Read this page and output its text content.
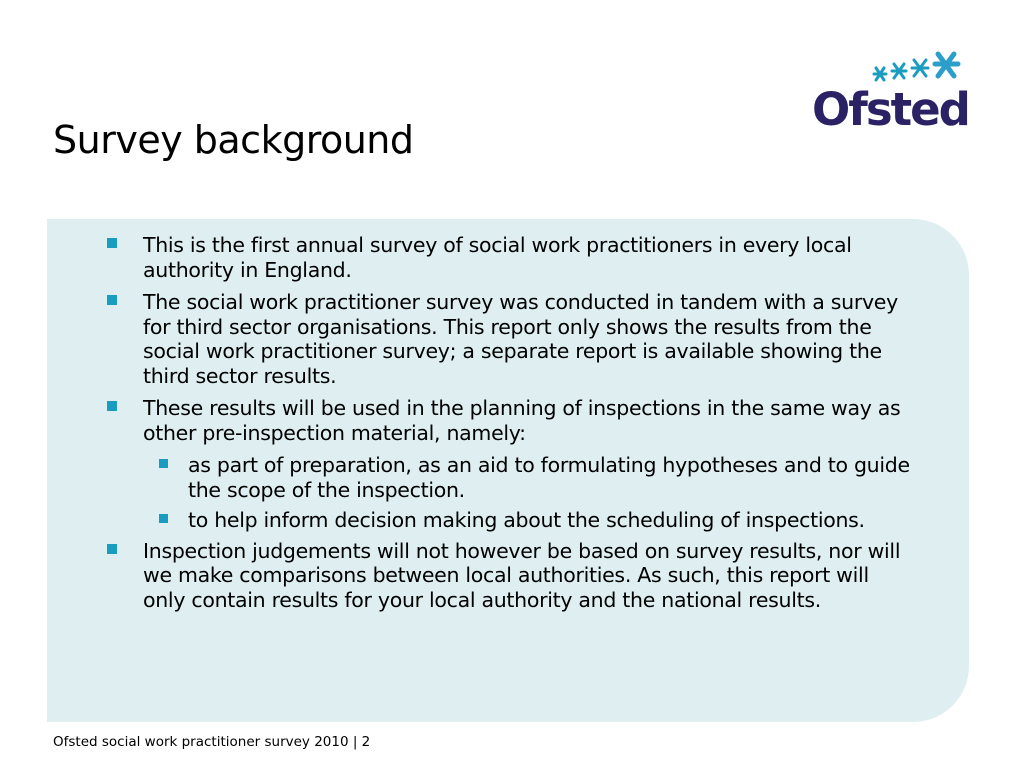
Survey background
Ofsted
This is the first annual survey of social work practitioners in every local authority in England.
The social work practitioner survey was conducted in tandem with a survey for third sector organisations. This report only shows the results from the social work practitioner survey; a separate report is available showing the third sector results.
These results will be used in the planning of inspections in the same way as other pre-inspection material, namely:
as part of preparation, as an aid to formulating hypotheses and to guide the scope of the inspection.
to help inform decision making about the scheduling of inspections.
Inspection judgements will not however be based on survey results, nor will we make comparisons between local authorities. As such, this report will only contain results for your local authority and the national results.
Ofsted social work practitioner survey 2010 | 2
